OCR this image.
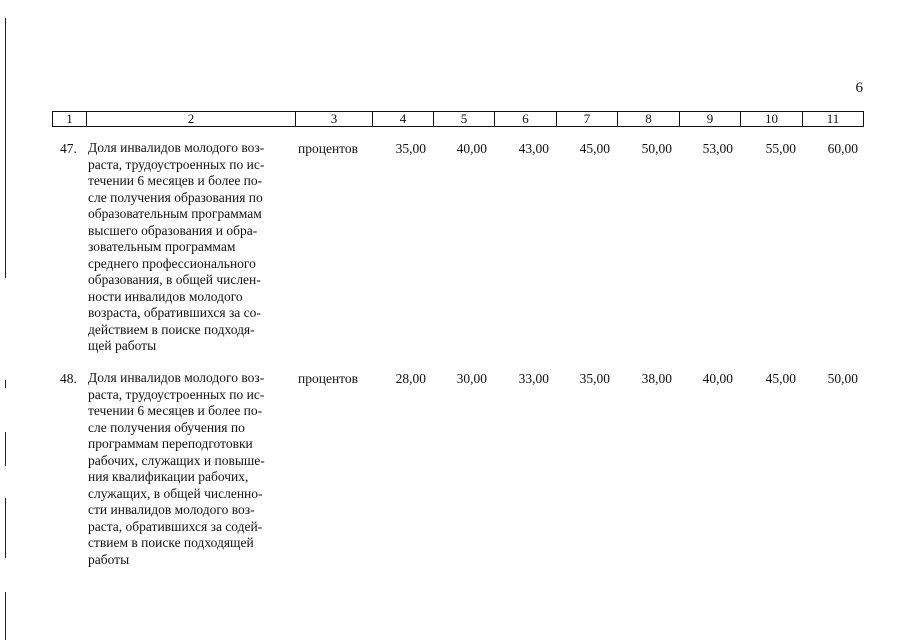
6
1	2	3	4	5	6	7	8	9	10	11
47. Доля инвалидов молодого воз-
раста, трудоустроенных по ис-
течении 6 месяцев и более по-
сле получения образования по
образовательным программам
высшего образования и обра-
зовательным программам
среднего профессионального
образования, в общей числен-
ности инвалидов молодого
возраста, обратившихся за со-
действием в поиске подходя-
щей работы
процентов	35,00	40,00	43,00	45,00	50,00	53,00	55,00	60,00
48. Доля инвалидов молодого воз-
раста, трудоустроенных по ис-
течении 6 месяцев и более по-
сле получения обучения по
программам переподготовки
рабочих, служащих и повыше-
ния квалификации рабочих,
служащих, в общей численно-
сти инвалидов молодого воз-
раста, обратившихся за содей-
ствием в поиске подходящей
работы
процентов	28,00	30,00	33,00	35,00	38,00	40,00	45,00	50,00
